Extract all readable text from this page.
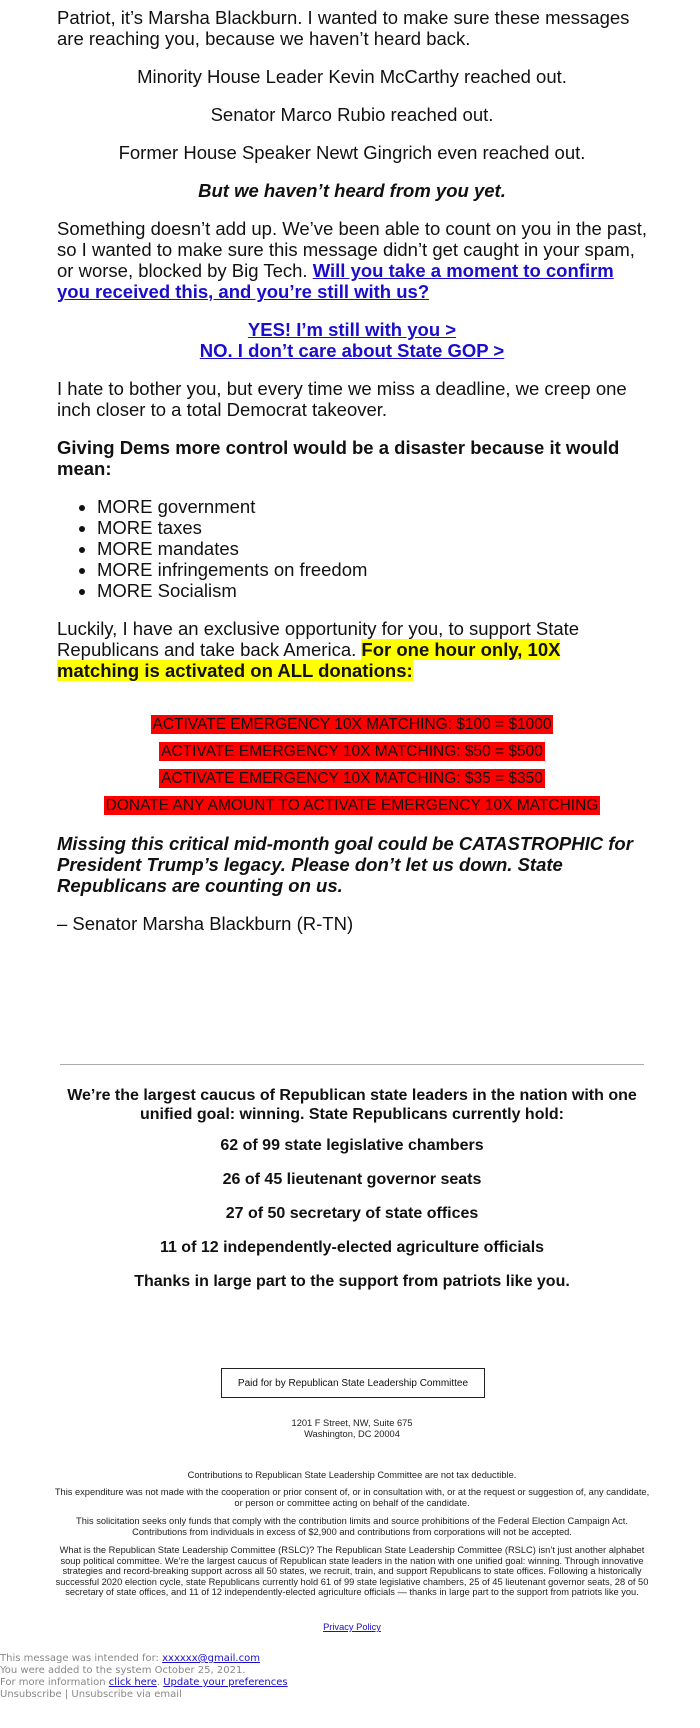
Patriot, it’s Marsha Blackburn. I wanted to make sure these messages are reaching you, because we haven’t heard back.

Minority House Leader Kevin McCarthy reached out.

Senator Marco Rubio reached out.

Former House Speaker Newt Gingrich even reached out.

But we haven’t heard from you yet.

Something doesn’t add up. We’ve been able to count on you in the past, so I wanted to make sure this message didn’t get caught in your spam, or worse, blocked by Big Tech. Will you take a moment to confirm you received this, and you’re still with us?

YES! I’m still with you >
NO. I don’t care about State GOP >

I hate to bother you, but every time we miss a deadline, we creep one inch closer to a total Democrat takeover.

Giving Dems more control would be a disaster because it would mean:

• MORE government
• MORE taxes
• MORE mandates
• MORE infringements on freedom
• MORE Socialism

Luckily, I have an exclusive opportunity for you, to support State Republicans and take back America. For one hour only, 10X matching is activated on ALL donations:

ACTIVATE EMERGENCY 10X MATCHING: $100 = $1000
ACTIVATE EMERGENCY 10X MATCHING: $50 = $500
ACTIVATE EMERGENCY 10X MATCHING: $35 = $350
DONATE ANY AMOUNT TO ACTIVATE EMERGENCY 10X MATCHING

Missing this critical mid-month goal could be CATASTROPHIC for President Trump’s legacy. Please don’t let us down. State Republicans are counting on us.

– Senator Marsha Blackburn (R-TN)

We’re the largest caucus of Republican state leaders in the nation with one unified goal: winning. State Republicans currently hold:
62 of 99 state legislative chambers
26 of 45 lieutenant governor seats
27 of 50 secretary of state offices
11 of 12 independently-elected agriculture officials
Thanks in large part to the support from patriots like you.
Paid for by Republican State Leadership Committee
1201 F Street, NW, Suite 675
Washington, DC 20004
Contributions to Republican State Leadership Committee are not tax deductible.
This expenditure was not made with the cooperation or prior consent of, or in consultation with, or at the request or suggestion of, any candidate, or person or committee acting on behalf of the candidate.
This solicitation seeks only funds that comply with the contribution limits and source prohibitions of the Federal Election Campaign Act. Contributions from individuals in excess of $2,900 and contributions from corporations will not be accepted.
What is the Republican State Leadership Committee (RSLC)? The Republican State Leadership Committee (RSLC) isn’t just another alphabet soup political committee. We’re the largest caucus of Republican state leaders in the nation with one unified goal: winning. Through innovative strategies and record-breaking support across all 50 states, we recruit, train, and support Republicans to state offices. Following a historically successful 2020 election cycle, state Republicans currently hold 61 of 99 state legislative chambers, 25 of 45 lieutenant governor seats, 28 of 50 secretary of state offices, and 11 of 12 independently-elected agriculture officials — thanks in large part to the support from patriots like you.
Privacy Policy
This message was intended for: xxxxxx@gmail.com
You were added to the system October 25, 2021.
For more information click here. Update your preferences
Unsubscribe | Unsubscribe via email
